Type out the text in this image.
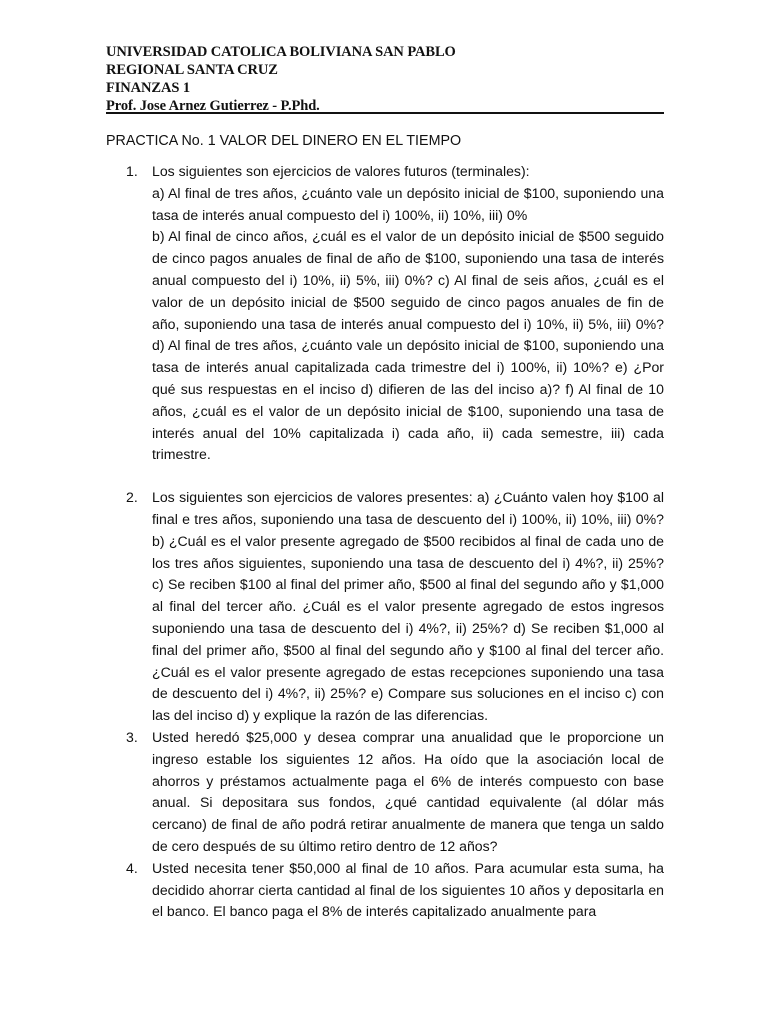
UNIVERSIDAD CATOLICA BOLIVIANA SAN PABLO
REGIONAL SANTA CRUZ
FINANZAS 1
Prof. Jose Arnez Gutierrez - P.Phd.
PRACTICA No. 1 VALOR DEL DINERO EN EL TIEMPO
1.	Los siguientes son ejercicios de valores futuros (terminales):
a) Al final de tres años, ¿cuánto vale un depósito inicial de $100, suponiendo una tasa de interés anual compuesto del i) 100%, ii) 10%, iii) 0%
b) Al final de cinco años, ¿cuál es el valor de un depósito inicial de $500 seguido de cinco pagos anuales de final de año de $100, suponiendo una tasa de interés anual compuesto del i) 10%, ii) 5%, iii) 0%? c) Al final de seis años, ¿cuál es el valor de un depósito inicial de $500 seguido de cinco pagos anuales de fin de año, suponiendo una tasa de interés anual compuesto del i) 10%, ii) 5%, iii) 0%? d) Al final de tres años, ¿cuánto vale un depósito inicial de $100, suponiendo una tasa de interés anual capitalizada cada trimestre del i) 100%, ii) 10%? e) ¿Por qué sus respuestas en el inciso d) difieren de las del inciso a)? f) Al final de 10 años, ¿cuál es el valor de un depósito inicial de $100, suponiendo una tasa de interés anual del 10% capitalizada i) cada año, ii) cada semestre, iii) cada trimestre.
2.	Los siguientes son ejercicios de valores presentes: a) ¿Cuánto valen hoy $100 al final e tres años, suponiendo una tasa de descuento del i) 100%, ii) 10%, iii) 0%? b) ¿Cuál es el valor presente agregado de $500 recibidos al final de cada uno de los tres años siguientes, suponiendo una tasa de descuento del i) 4%?, ii) 25%? c) Se reciben $100 al final del primer año, $500 al final del segundo año y $1,000 al final del tercer año. ¿Cuál es el valor presente agregado de estos ingresos suponiendo una tasa de descuento del i) 4%?, ii) 25%? d) Se reciben $1,000 al final del primer año, $500 al final del segundo año y $100 al final del tercer año. ¿Cuál es el valor presente agregado de estas recepciones suponiendo una tasa de descuento del i) 4%?, ii) 25%? e) Compare sus soluciones en el inciso c) con las del inciso d) y explique la razón de las diferencias.
3.	Usted heredó $25,000 y desea comprar una anualidad que le proporcione un ingreso estable los siguientes 12 años. Ha oído que la asociación local de ahorros y préstamos actualmente paga el 6% de interés compuesto con base anual. Si depositara sus fondos, ¿qué cantidad equivalente (al dólar más cercano) de final de año podrá retirar anualmente de manera que tenga un saldo de cero después de su último retiro dentro de 12 años?
4.	Usted necesita tener $50,000 al final de 10 años. Para acumular esta suma, ha decidido ahorrar cierta cantidad al final de los siguientes 10 años y depositarla en el banco. El banco paga el 8% de interés capitalizado anualmente para
